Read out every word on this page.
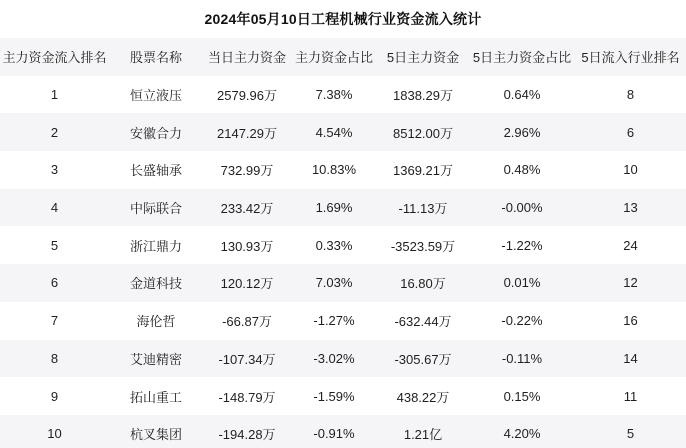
2024年05月10日工程机械行业资金流入统计
主力资金流入排名	股票名称	当日主力资金	主力资金占比	5日主力资金	5日主力资金占比	5日流入行业排名
1	恒立液压	2579.96万	7.38%	1838.29万	0.64%	8
2	安徽合力	2147.29万	4.54%	8512.00万	2.96%	6
3	长盛轴承	732.99万	10.83%	1369.21万	0.48%	10
4	中际联合	233.42万	1.69%	-11.13万	-0.00%	13
5	浙江鼎力	130.93万	0.33%	-3523.59万	-1.22%	24
6	金道科技	120.12万	7.03%	16.80万	0.01%	12
7	海伦哲	-66.87万	-1.27%	-632.44万	-0.22%	16
8	艾迪精密	-107.34万	-3.02%	-305.67万	-0.11%	14
9	拓山重工	-148.79万	-1.59%	438.22万	0.15%	11
10	杭叉集团	-194.28万	-0.91%	1.21亿	4.20%	5
